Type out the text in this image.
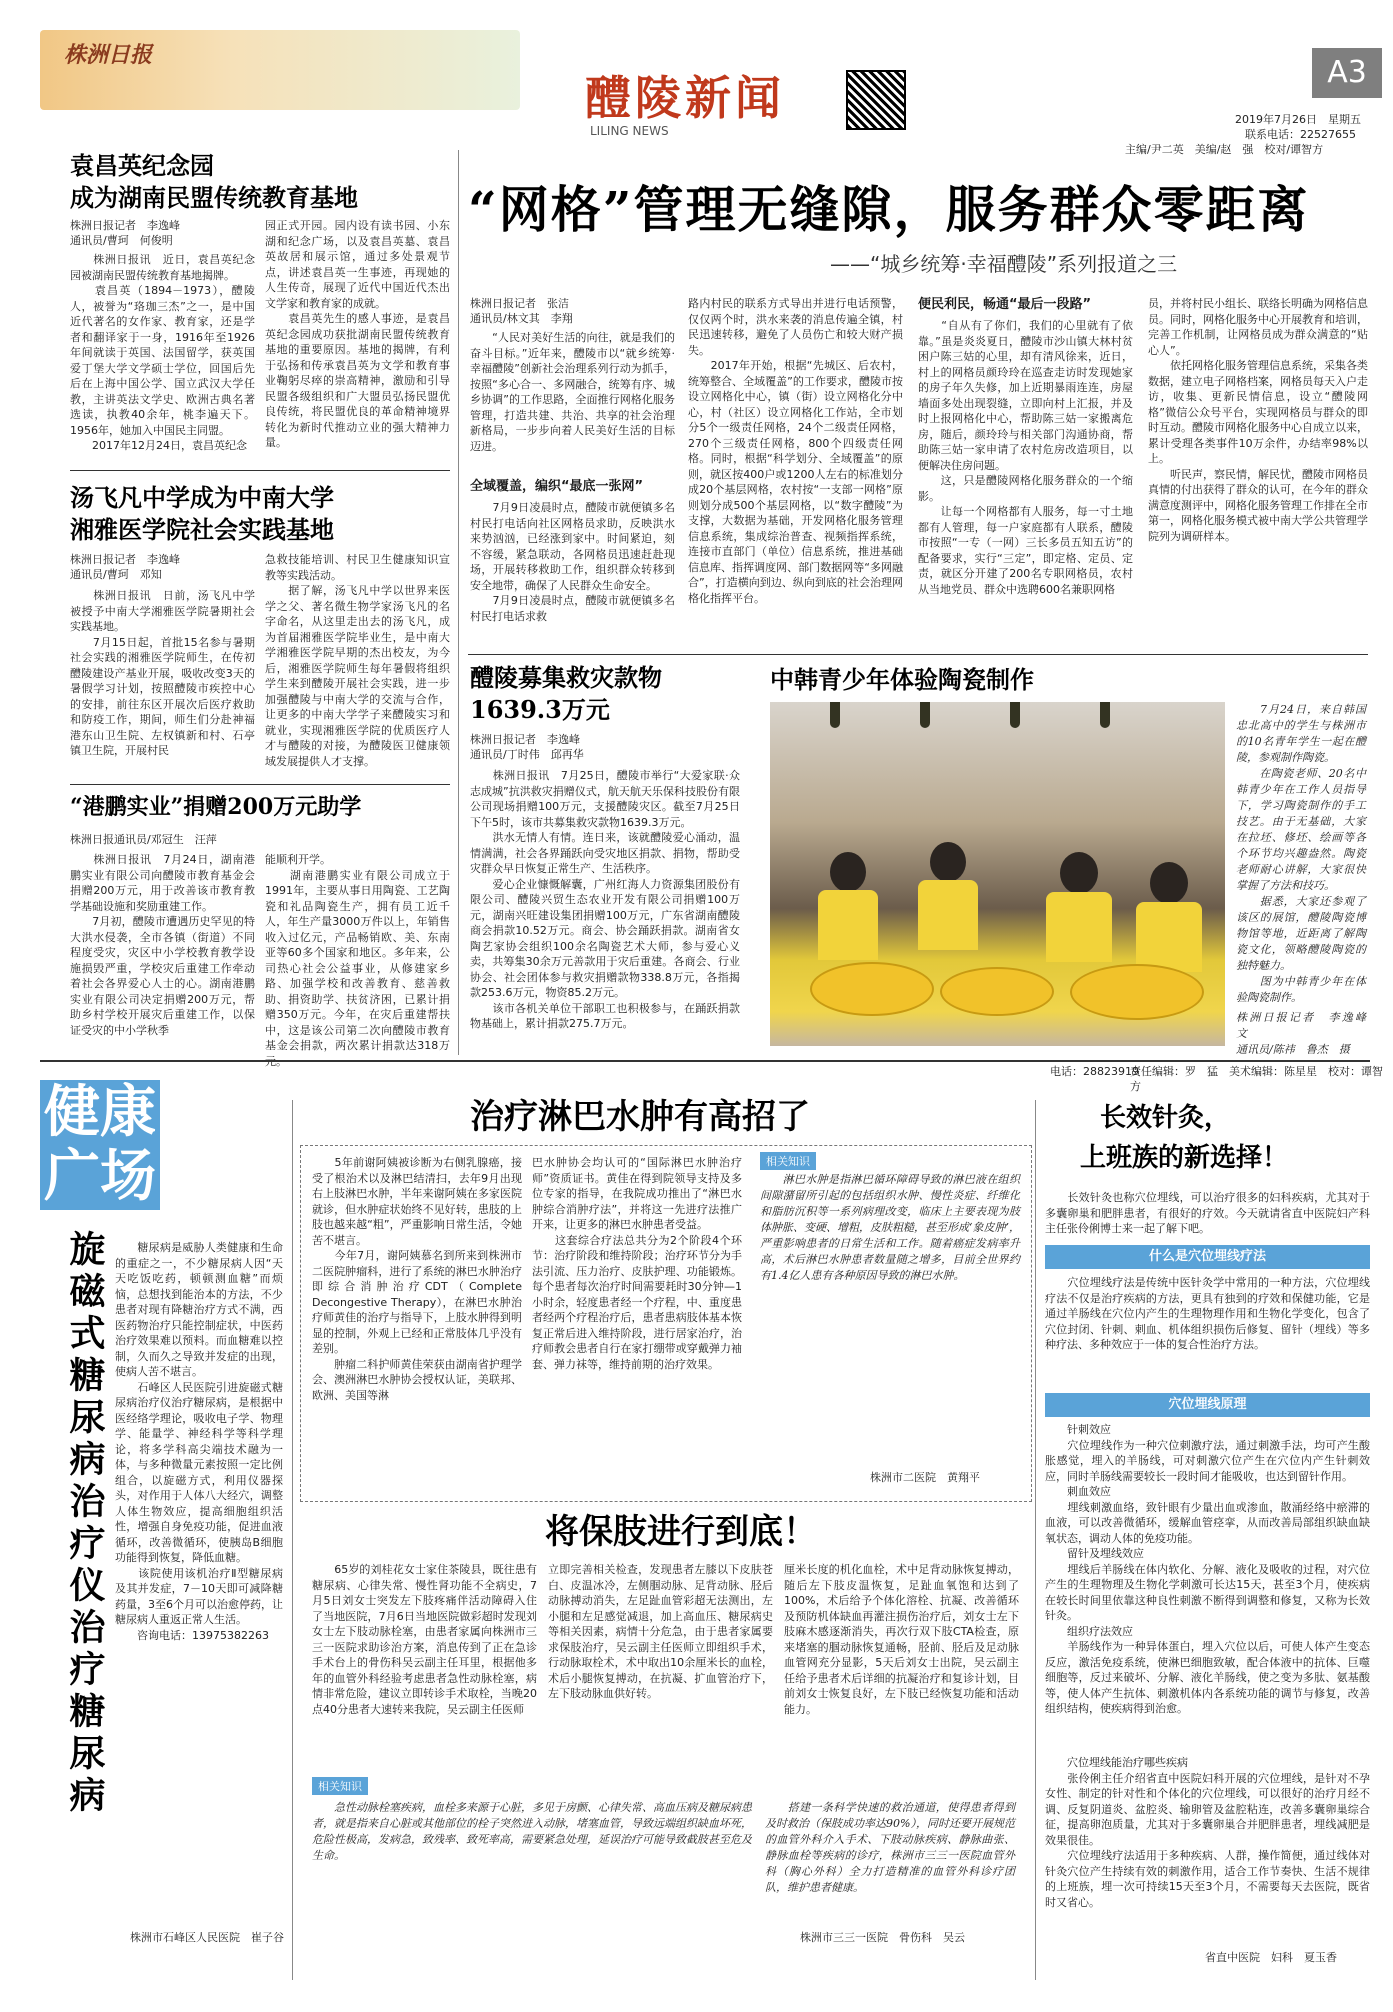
株洲日报
醴陵新闻
LILING NEWS
A3
2019年7月26日　星期五
联系电话：22527655
主编/尹二英　美编/赵　强　校对/谭智方
袁昌英纪念园
成为湖南民盟传统教育基地
株洲日报记者　李逸峰
通讯员/曹珂　何俊明
　　株洲日报讯　近日，袁昌英纪念园被湖南民盟传统教育基地揭牌。
　　袁昌英（1894－1973），醴陵人，被誉为“珞珈三杰”之一，是中国近代著名的女作家、教育家，还是学者和翻译家于一身，1916年至1926年间就读于英国、法国留学，获英国爱丁堡大学文学硕士学位，回国后先后在上海中国公学、国立武汉大学任教，主讲英法文学史、欧洲古典名著选读，执教40余年，桃李遍天下。1956年，她加入中国民主同盟。
　　2017年12月24日，袁昌英纪念
园正式开园。园内设有读书园、小东湖和纪念广场，以及袁昌英墓、袁昌英故居和展示馆，通过多处景观节点，讲述袁昌英一生事迹，再现她的人生传奇，展现了近代中国近代杰出文学家和教育家的成就。
　　袁昌英先生的感人事迹，是袁昌英纪念园成功获批湖南民盟传统教育基地的重要原因。基地的揭牌，有利于弘扬和传承袁昌英为文学和教育事业鞠躬尽瘁的崇高精神，激励和引导民盟各级组织和广大盟员弘扬民盟优良传统，将民盟优良的革命精神境界转化为新时代推动立业的强大精神力量。
汤飞凡中学成为中南大学
湘雅医学院社会实践基地
株洲日报记者　李逸峰
通讯员/曹珂　邓知
　　株洲日报讯　日前，汤飞凡中学被授予中南大学湘雅医学院暑期社会实践基地。
　　7月15日起，首批15名参与暑期社会实践的湘雅医学院师生，在传初醴陵建设产基业开展，吸收改变3天的暑假学习计划，按照醴陵市疾控中心的安排，前往东区开展次后医疗救助和防疫工作，期间，师生们分赴神福港东山卫生院、左权镇新和村、石亭镇卫生院，开展村民
急救技能培训、村民卫生健康知识宣教等实践活动。
　　据了解，汤飞凡中学以世界来医学之父、著名微生物学家汤飞凡的名字命名，从这里走出去的汤飞凡，成为首届湘雅医学院毕业生，是中南大学湘雅医学院早期的杰出校友，为今后，湘雅医学院师生每年暑假将组织学生来到醴陵开展社会实践，进一步加强醴陵与中南大学的交流与合作，让更多的中南大学学子来醴陵实习和就业，实现湘雅医学院的优质医疗人才与醴陵的对接，为醴陵医卫健康领域发展提供人才支撑。
“港鹏实业”捐赠200万元助学
株洲日报通讯员/邓冠生　汪萍
　　株洲日报讯　7月24日，湖南港鹏实业有限公司向醴陵市教育基金会捐赠200万元，用于改善该市教育教学基础设施和奖励重建工作。
　　7月初，醴陵市遭遇历史罕见的特大洪水侵袭，全市各镇（街道）不同程度受灾，灾区中小学校教育教学设施损毁严重，学校灾后重建工作牵动着社会各界爱心人士的心。湖南港鹏实业有限公司决定捐赠200万元，帮助乡村学校开展灾后重建工作，以保证受灾的中小学秋季
能顺利开学。
　　湖南港鹏实业有限公司成立于1991年，主要从事日用陶瓷、工艺陶瓷和礼品陶瓷生产，拥有员工近千人，年生产量3000万件以上，年销售收入过亿元，产品畅销欧、美、东南亚等60多个国家和地区。多年来，公司热心社会公益事业，从修建家乡路、加强学校和改善教育、慈善救助、捐资助学、扶贫济困，已累计捐赠350万元。今年，在灾后重建帮扶中，这是该公司第二次向醴陵市教育基金会捐款，两次累计捐款达318万
“网格”管理无缝隙，服务群众零距离
——“城乡统筹·幸福醴陵”系列报道之三
株洲日报记者　张洁
通讯员/林文其　李翔
　　“人民对美好生活的向往，就是我们的奋斗目标。”近年来，醴陵市以“就乡统筹·幸福醴陵”创新社会治理系列行动为抓手，按照“多心合一、多网融合，统筹有序、城乡协调”的工作思路，全面推行网格化服务管理，打造共建、共治、共享的社会治理新格局，一步步向着人民美好生活的目标迈进。
全域覆盖，编织“最底一张网”
　　7月9日凌晨时点，醴陵市就便镇多名村民打电话向社区网格员求助，反映洪水来势汹汹，已经涨到家中。时间紧迫，刻不容缓，紧急联动，各网格员迅速赶赴现场，开展转移救助工作，组织群众转移到安全地带，确保了人民群众生命安全。
　　7月9日凌晨时点，醴陵市就便镇多名村民打电话求救
路内村民的联系方式导出并进行电话预警，仅仅两个时，洪水来袭的消息传遍全镇，村民迅速转移，避免了人员伤亡和较大财产损失。
　　2017年开始，根据“先城区、后农村，统筹整合、全域覆盖”的工作要求，醴陵市按设立网格化中心，镇（街）设立网格化分中心，村（社区）设立网格化工作站，全市划分5个一级责任网格，24个二级责任网格，270个三级责任网格，800个四级责任网格。同时，根据“科学划分、全域覆盖”的原则，就区按400户或1200人左右的标准划分成20个基层网格，农村按“一支部一网格”原则划分成500个基层网格，以“数字醴陵”为支撑，大数据为基础，开发网格化服务管理信息系统，集成综治普查、视频指挥系统，连接市直部门（单位）信息系统，推进基础信息库、指挥调度网、部门数据网等“多网融合”，打造横向到边、纵向到底的社会治理网格化指挥平台。
便民利民，畅通“最后一段路”
　　“自从有了你们，我们的心里就有了依靠。”虽是炎炎夏日，醴陵市沙山镇大林村贫困户陈三姑的心里，却有清风徐来，近日，村上的网格员颜玲玲在巡查走访时发现她家的房子年久失修，加上近期暴雨连连，房屋墙面多处出现裂缝，立即向村上汇报，并及时上报网格化中心，帮助陈三姑一家搬离危房，随后，颜玲玲与相关部门沟通协商，帮助陈三姑一家申请了农村危房改造项目，以便解决住房问题。
　　这，只是醴陵网格化服务群众的一个缩影。
　　让每一个网格都有人服务，每一寸土地都有人管理，每一户家庭都有人联系，醴陵市按照“一专（一网）三长多员五知五访”的配备要求，实行“三定”，即定格、定员、定责，就区分开建了200名专职网格员，农村从当地党员、群众中选聘600名兼职网格
员，并将村民小组长、联络长明确为网格信息员。同时，网格化服务中心开展教育和培训，完善工作机制，让网格员成为群众满意的“贴心人”。
　　依托网格化服务管理信息系统，采集各类数据，建立电子网格档案，网格员每天入户走访，收集、更新民情信息，设立“醴陵网格”微信公众号平台，实现网格员与群众的即时互动。醴陵市网格化服务中心自成立以来，累计受理各类事件10万余件，办结率98%以上。
　　听民声，察民情，解民忧，醴陵市网格员真情的付出获得了群众的认可，在今年的群众满意度测评中，网格化服务管理工作排在全市第一，网格化服务模式被中南大学公共管理学院列为调研样本。
醴陵募集救灾款物
1639.3万元
株洲日报记者　李逸峰
通讯员/丁时伟　邱再华
　　株洲日报讯　7月25日，醴陵市举行“大爱家联·众志成城”抗洪救灾捐赠仪式，航天航天乐保科技股份有限公司现场捐赠100万元，支援醴陵灾区。截至7月25日下午5时，该市共募集救灾款物1639.3万元。
　　洪水无情人有情。连日来，该就醴陵爱心涌动，温情满满，社会各界踊跃向受灾地区捐款、捐物，帮助受灾群众早日恢复正常生产、生活秩序。
　　爱心企业慷慨解囊，广州红海人力资源集团股份有限公司、醴陵兴贸生态农业开发有限公司捐赠100万元，湖南兴旺建设集团捐赠100万元，广东省湖南醴陵商会捐款10.52万元。商会、协会踊跃捐款。湖南省女陶艺家协会组织100余名陶瓷艺术大师，参与爱心义卖，共筹集30余万元善款用于灾后重建。各商会、行业协会、社会团体参与救灾捐赠款物338.8万元，各指揭款253.6万元，物资85.2万元。
　　该市各机关单位干部职工也积极参与，在踊跃捐款物基础上，累计捐款275.7万元。
中韩青少年体验陶瓷制作
　　7月24日，来自韩国忠北高中的学生与株洲市的10名青年学生一起在醴陵，参观制作陶瓷。
　　在陶瓷老师、20名中韩青少年在工作人员指导下，学习陶瓷制作的手工技艺。由于无基础，大家在拉坯、修坯、绘画等各个环节均兴趣盎然。陶瓷老师耐心讲解，大家很快掌握了方法和技巧。
　　据悉，大家还参观了该区的展馆，醴陵陶瓷博物馆等地，近距离了解陶瓷文化，领略醴陵陶瓷的独特魅力。
　　图为中韩青少年在体验陶瓷制作。
株洲日报记者　李逸峰　文
通讯员/陈祎　鲁杰　摄
电话：28823919
责任编辑：罗　猛　美术编辑：陈星星　校对：谭智方
健康
广场
旋磁式糖尿病治疗仪治疗糖尿病	　　糖尿病是威胁人类健康和生命的重症之一，不少糖尿病人因“天天吃饭吃药，顿顿测血糖”而烦恼，总想找到能治本的方法，不少患者对现有降糖治疗方式不满，西医药物治疗只能控制症状，中医药治疗效果难以预料。而血糖难以控制，久而久之导致并发症的出现，使病人苦不堪言。
　　石峰区人民医院引进旋磁式糖尿病治疗仪治疗糖尿病，是根据中医经络学理论，吸收电子学、物理学、能量学、神经科学等科学理论，将多学科高尖端技术融为一体，与多种微量元素按照一定比例组合，以旋磁方式，利用仪器探头，对作用于人体八大经穴，调整人体生物效应，提高细胞组织活性，增强自身免疫功能，促进血液循环，改善微循环，使胰岛B细胞功能得到恢复，降低血糖。
　　该院使用该机治疗Ⅱ型糖尿病及其并发症，7－10天即可减降糖药量，3至6个月可以治愈停药，让糖尿病人重返正常人生活。
　　咨询电话：13975382263
株洲市石峰区人民医院　崔子谷
治疗淋巴水肿有高招了
　　5年前谢阿姨被诊断为右侧乳腺癌，接受了根治术以及淋巴结清扫，去年9月出现右上肢淋巴水肿，半年来谢阿姨在多家医院就诊，但水肿症状始终不见好转，患肢的上肢也越来越“粗”，严重影响日常生活，令她苦不堪言。
　　今年7月，谢阿姨慕名到所来到株洲市二医院肿瘤科，进行了系统的淋巴水肿治疗即综合消肿治疗CDT（Complete Decongestive Therapy），在淋巴水肿治疗师黄佳的治疗与指导下，上肢水肿得到明显的控制，外观上已经和正常肢体几乎没有差别。
　　肿瘤二科护师黄佳荣获由湖南省护理学会、澳洲淋巴水肿协会授权认证，美联邦、欧洲、美国等淋
巴水肿协会均认可的“国际淋巴水肿治疗师”资质证书。黄佳在得到院领导支持及多位专家的指导，在我院成功推出了“淋巴水肿综合消肿疗法”，并将这一先进疗法推广开来，让更多的淋巴水肿患者受益。
　　这套综合疗法总共分为2个阶段4个环节：治疗阶段和维持阶段；治疗环节分为手法引流、压力治疗、皮肤护理、功能锻炼。每个患者每次治疗时间需要耗时30分钟—1小时余，轻度患者经一个疗程，中、重度患者经两个疗程治疗后，患者患病肢体基本恢复正常后进入维持阶段，进行居家治疗，治疗师教会患者自行在家打绷带或穿戴弹力袖套、弹力袜等，维持前期的治疗效果。
相关知识
　　淋巴水肿是指淋巴循环障碍导致的淋巴液在组织间隙潴留所引起的包括组织水肿、慢性炎症、纤维化和脂肪沉积等一系列病理改变，临床上主要表现为肢体肿胀、变硬、增粗，皮肤粗糙，甚至形成‘象皮肿’，严重影响患者的日常生活和工作。随着癌症发病率升高，术后淋巴水肿患者数量随之增多，目前全世界约有1.4亿人患有各种原因导致的淋巴水肿。
株洲市二医院　黄翔平
将保肢进行到底！
　　65岁的刘桂花女士家住茶陵县，既往患有糖尿病、心律失常、慢性肾功能不全病史，7月5日刘女士突发左下肢疼痛伴活动障碍入住了当地医院，7月6日当地医院做彩超时发现刘女士左下肢动脉栓塞，由患者家属向株洲市三三一医院求助诊治方案，消息传到了正在急诊手术台上的骨伤科吴云副主任耳里，根据他多年的血管外科经验考虑患者急性动脉栓塞，病情非常危险，建议立即转诊手术取栓，当晚20点40分患者大速转来我院，吴云副主任医师
立即完善相关检查，发现患者左膝以下皮肤苍白、皮温冰冷，左侧腘动脉、足背动脉、胫后动脉搏动消失，左足趾血管彩超无法测出，左小腿和左足感觉减退，加上高血压、糖尿病史等相关因素，病情十分危急，由于患者家属要求保肢治疗，吴云副主任医师立即组织手术，行动脉取栓术，术中取出10余厘米长的血栓，术后小腿恢复搏动，在抗凝、扩血管治疗下，左下肢动脉血供好转。
厘米长度的机化血栓，术中足背动脉恢复搏动，随后左下肢皮温恢复，足趾血氧饱和达到了100%，术后给予个体化溶栓、抗凝、改善循环及预防机体缺血再灌注损伤治疗后，刘女士左下肢麻木感逐渐消失，再次行双下肢CTA检查，原来堵塞的腘动脉恢复通畅，胫前、胫后及足动脉血管网充分显影，5天后刘女士出院，吴云副主任给予患者术后详细的抗凝治疗和复诊计划，目前刘女士恢复良好，左下肢已经恢复功能和活动能力。
相关知识
　　急性动脉栓塞疾病，血栓多来源于心脏，多见于房颤、心律失常、高血压病及糖尿病患者，就是指来自心脏或其他部位的栓子突然进入动脉，堵塞血管，导致远端组织缺血坏死，危险性极高，发病急，致残率、致死率高，需要紧急处理，延误治疗可能导致截肢甚至危及生命。
　　搭建一条科学快速的救治通道，使得患者得到及时救治（保肢成功率达90%），同时还要开展规范的血管外科介入手术、下肢动脉疾病、静脉曲张、静脉血栓等疾病的诊疗，株洲市三三一医院血管外科（胸心外科）全力打造精准的血管外科诊疗团队，维护患者健康。
株洲市三三一医院　骨伤科　吴云
长效针灸，
上班族的新选择！
　　长效针灸也称穴位埋线，可以治疗很多的妇科疾病，尤其对于多囊卵巢和肥胖患者，有很好的疗效。今天就请省直中医院妇产科主任张伶俐博士来一起了解下吧。
什么是穴位埋线疗法
　　穴位埋线疗法是传统中医针灸学中常用的一种方法，穴位埋线疗法不仅是治疗疾病的方法，更具有独到的疗效和保健功能，它是通过羊肠线在穴位内产生的生理物理作用和生物化学变化，包含了穴位封闭、针刺、刺血、机体组织损伤后修复、留针（埋线）等多种疗法、多种效应于一体的复合性治疗方法。
穴位埋线原理
　　针刺效应
　　穴位埋线作为一种穴位刺激疗法，通过刺激手法，均可产生酸胀感觉，埋入的羊肠线，可对刺激穴位产生在穴位内产生针刺效应，同时羊肠线需要较长一段时间才能吸收，也达到留针作用。
　　刺血效应
　　埋线刺激血络，致针眼有少量出血或渗血，散涌经络中瘀滞的血液，可以改善微循环，缓解血管痉挛，从而改善局部组织缺血缺氧状态，调动人体的免疫功能。
　　留针及埋线效应
　　埋线后羊肠线在体内软化、分解、液化及吸收的过程，对穴位产生的生理物理及生物化学刺激可长达15天，甚至3个月，使疾病在较长时间里依靠这种良性刺激不断得到调整和修复，又称为长效针灸。
　　组织疗法效应
　　羊肠线作为一种异体蛋白，埋入穴位以后，可使人体产生变态反应，激活免疫系统，使淋巴细胞致敏，配合体液中的抗体、巨噬细胞等，反过来破坏、分解、液化羊肠线，使之变为多肽、氨基酸等，使人体产生抗体、刺激机体内各系统功能的调节与修复，改善组织结构，使疾病得到治愈。
　　穴位埋线能治疗哪些疾病
　　张伶俐主任介绍省直中医院妇科开展的穴位埋线，是针对不孕女性、制定的针对性和个体化的穴位埋线，可以很好的治疗月经不调、反复阴道炎、盆腔炎、输卵管及盆腔粘连，改善多囊卵巢综合征，提高卵泡质量，尤其对于多囊卵巢合并肥胖患者，埋线减肥是效果很佳。
　　穴位埋线疗法适用于多种疾病、人群，操作简便，通过线体对针灸穴位产生持续有效的刺激作用，适合工作节奏快、生活不规律的上班族，埋一次可持续15天至3个月，不需要每天去医院，既省时又省心。
省直中医院　妇科　夏玉香
